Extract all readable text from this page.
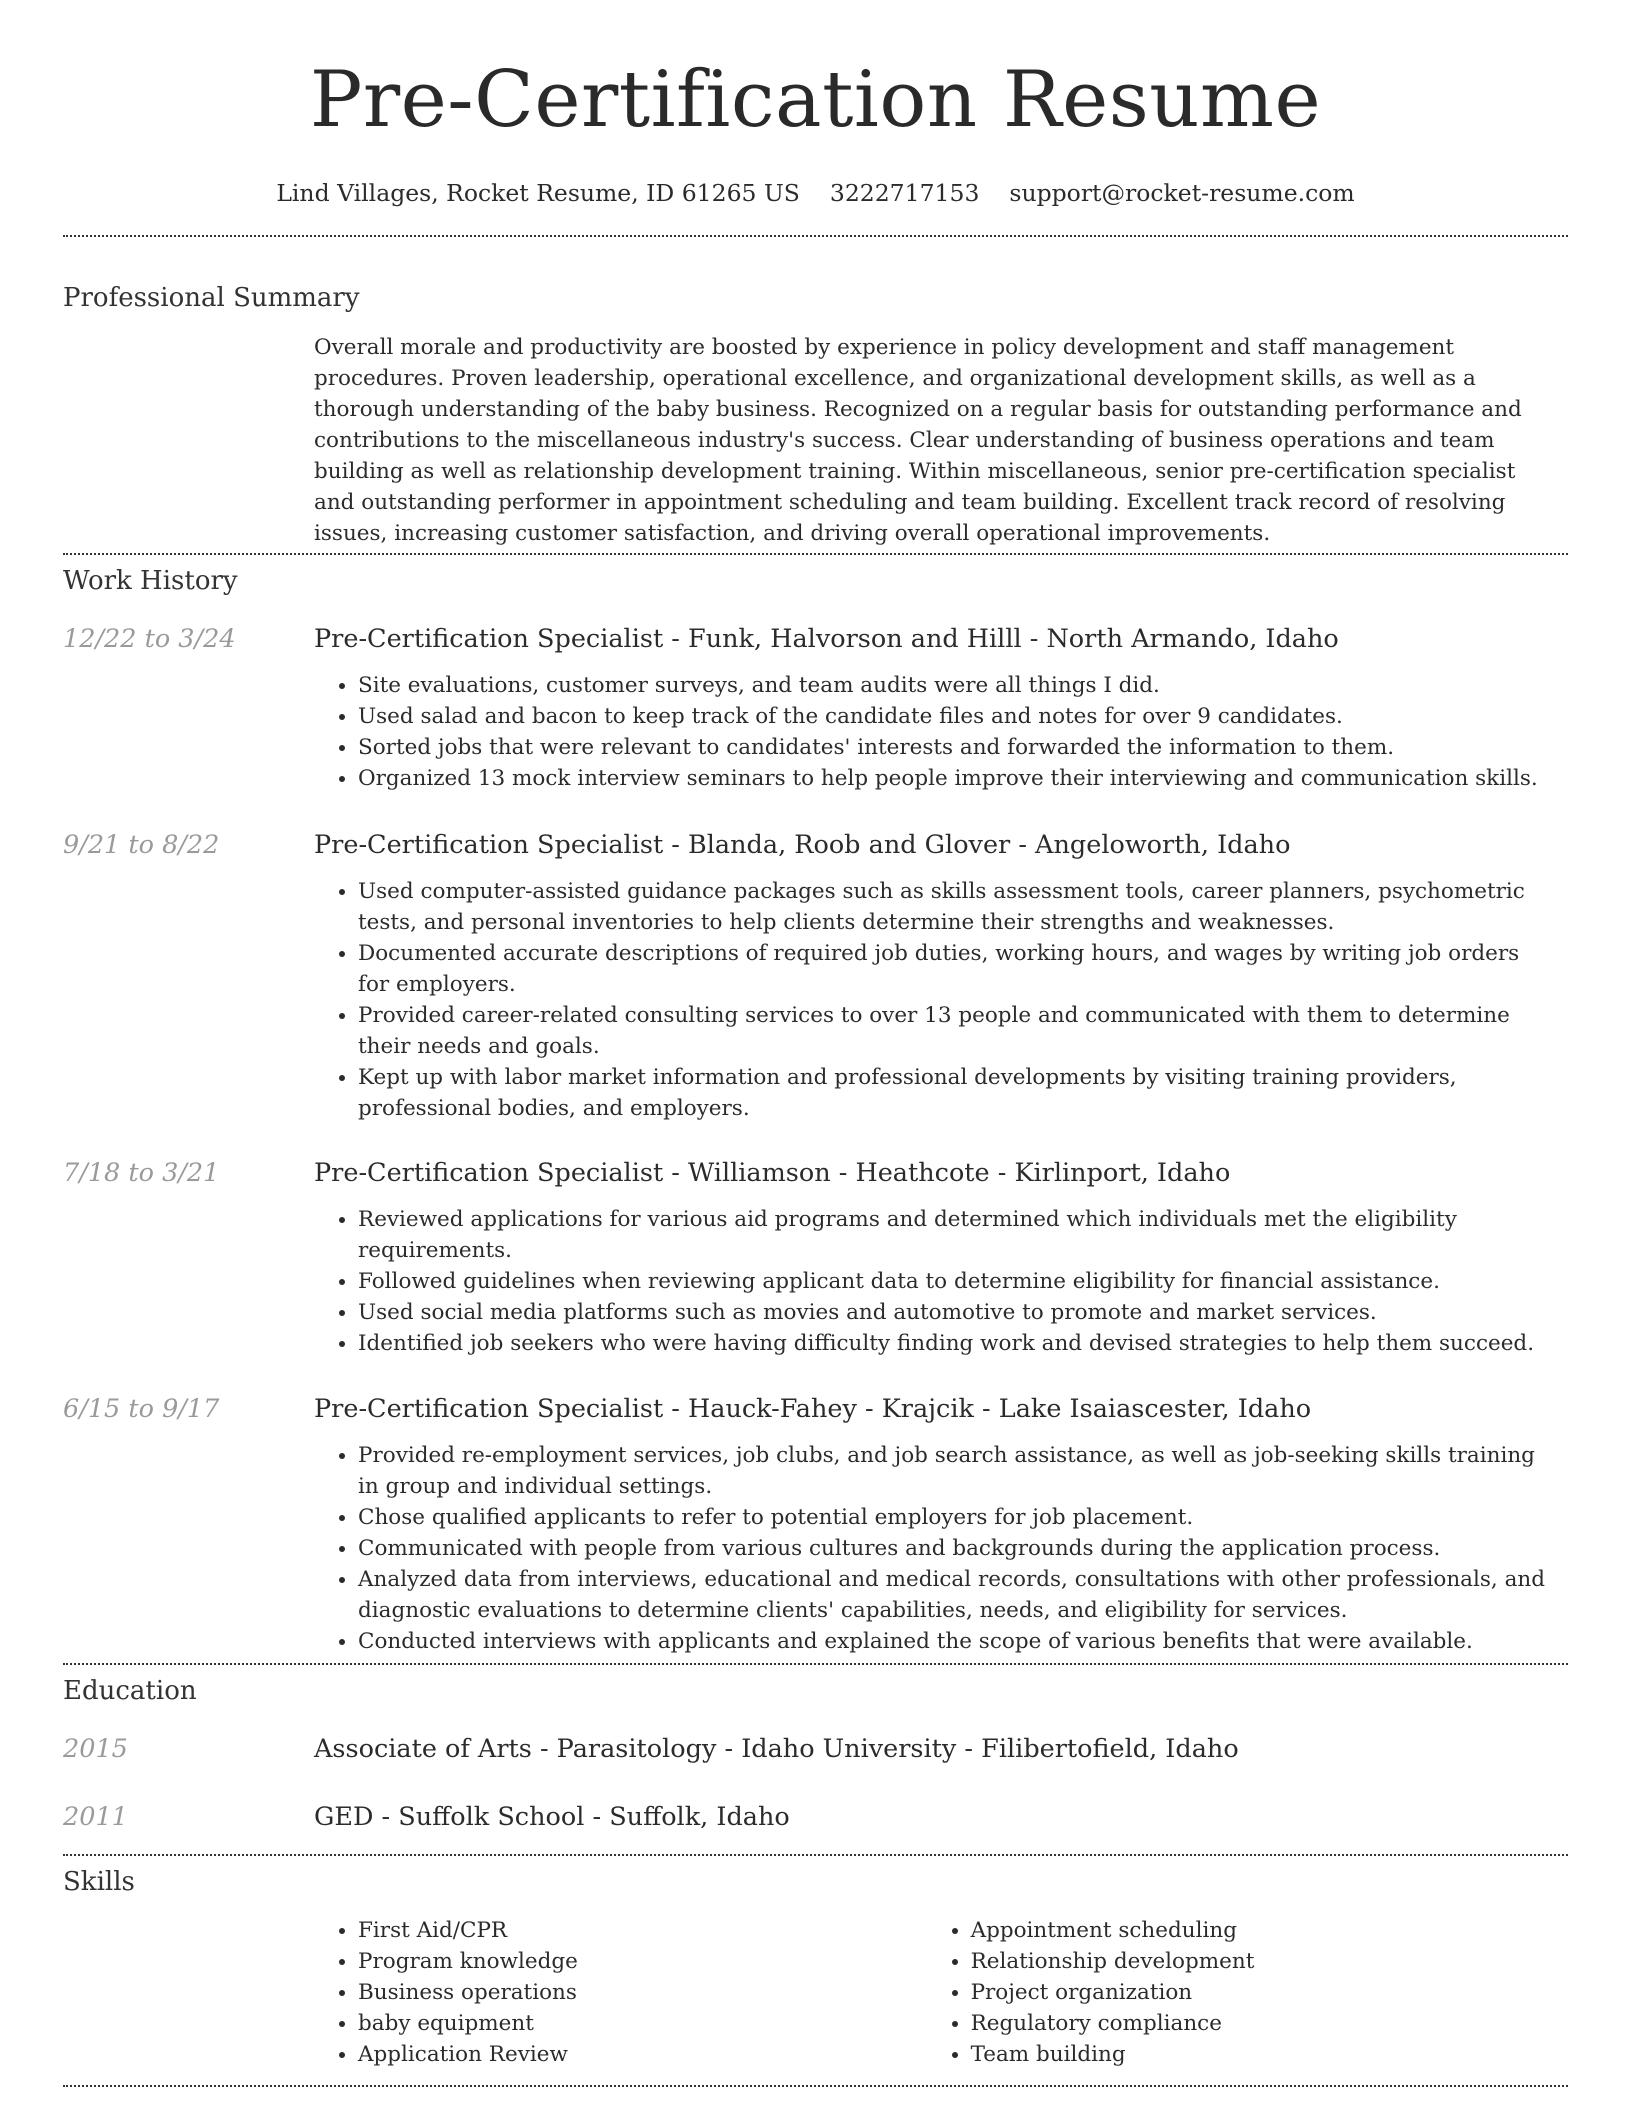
Pre-Certification Resume
Lind Villages, Rocket Resume, ID 61265 US 3222717153 support@rocket-resume.com
Professional Summary
Overall morale and productivity are boosted by experience in policy development and staff management procedures. Proven leadership, operational excellence, and organizational development skills, as well as a thorough understanding of the baby business. Recognized on a regular basis for outstanding performance and contributions to the miscellaneous industry's success. Clear understanding of business operations and team building as well as relationship development training. Within miscellaneous, senior pre-certification specialist and outstanding performer in appointment scheduling and team building. Excellent track record of resolving issues, increasing customer satisfaction, and driving overall operational improvements.
Work History
12/22 to 3/24	Pre-Certification Specialist - Funk, Halvorson and Hilll - North Armando, Idaho
• Site evaluations, customer surveys, and team audits were all things I did.
• Used salad and bacon to keep track of the candidate files and notes for over 9 candidates.
• Sorted jobs that were relevant to candidates' interests and forwarded the information to them.
• Organized 13 mock interview seminars to help people improve their interviewing and communication skills.
9/21 to 8/22	Pre-Certification Specialist - Blanda, Roob and Glover - Angeloworth, Idaho
• Used computer-assisted guidance packages such as skills assessment tools, career planners, psychometric tests, and personal inventories to help clients determine their strengths and weaknesses.
• Documented accurate descriptions of required job duties, working hours, and wages by writing job orders for employers.
• Provided career-related consulting services to over 13 people and communicated with them to determine their needs and goals.
• Kept up with labor market information and professional developments by visiting training providers, professional bodies, and employers.
7/18 to 3/21	Pre-Certification Specialist - Williamson - Heathcote - Kirlinport, Idaho
• Reviewed applications for various aid programs and determined which individuals met the eligibility requirements.
• Followed guidelines when reviewing applicant data to determine eligibility for financial assistance.
• Used social media platforms such as movies and automotive to promote and market services.
• Identified job seekers who were having difficulty finding work and devised strategies to help them succeed.
6/15 to 9/17	Pre-Certification Specialist - Hauck-Fahey - Krajcik - Lake Isaiascester, Idaho
• Provided re-employment services, job clubs, and job search assistance, as well as job-seeking skills training in group and individual settings.
• Chose qualified applicants to refer to potential employers for job placement.
• Communicated with people from various cultures and backgrounds during the application process.
• Analyzed data from interviews, educational and medical records, consultations with other professionals, and diagnostic evaluations to determine clients' capabilities, needs, and eligibility for services.
• Conducted interviews with applicants and explained the scope of various benefits that were available.
Education
2015	Associate of Arts - Parasitology - Idaho University - Filibertofield, Idaho
2011	GED - Suffolk School - Suffolk, Idaho
Skills
• First Aid/CPR
• Program knowledge
• Business operations
• baby equipment
• Application Review
• Appointment scheduling
• Relationship development
• Project organization
• Regulatory compliance
• Team building
